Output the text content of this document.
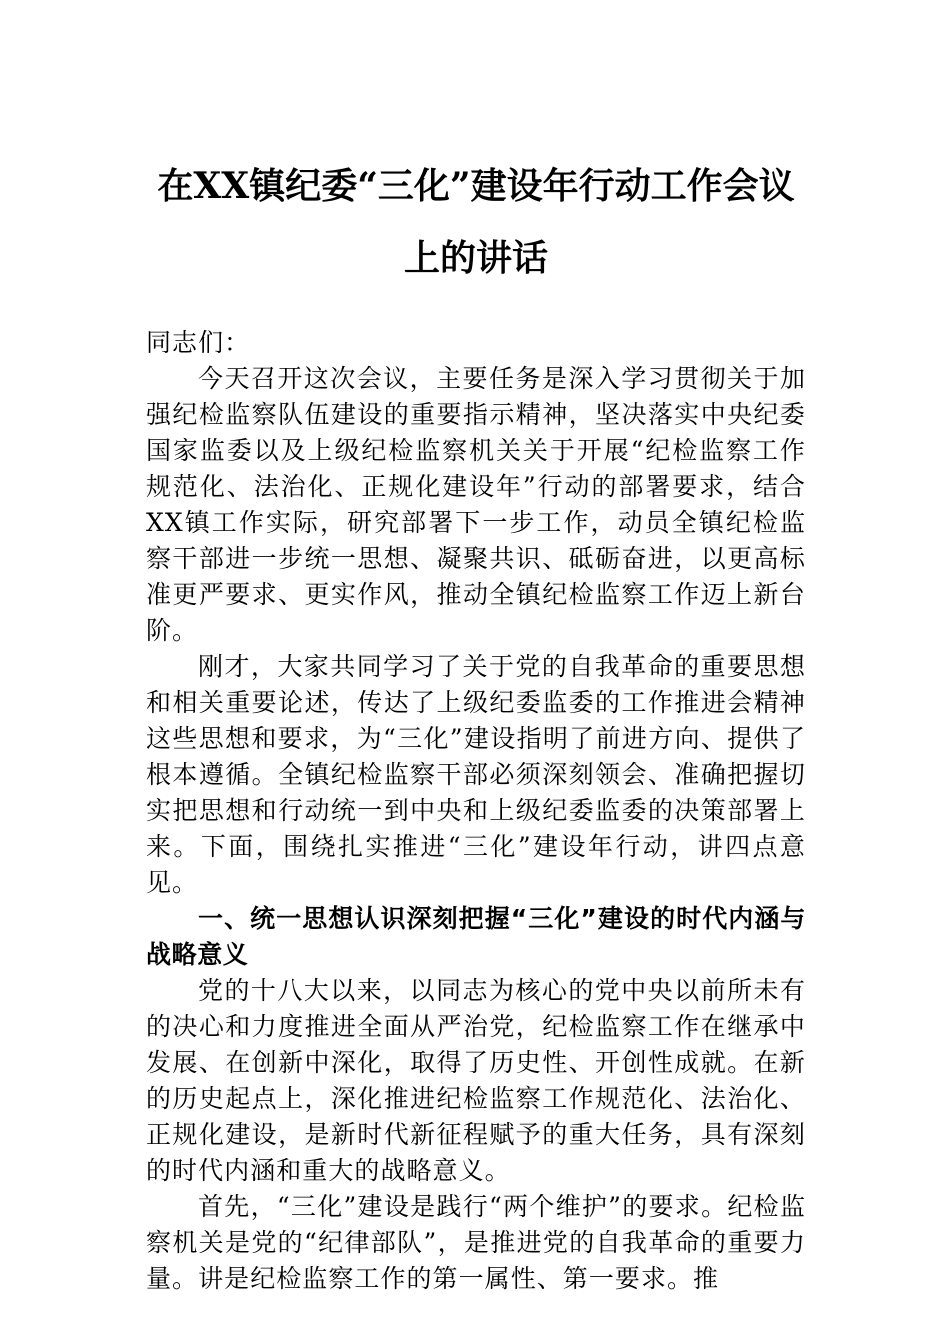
在XX镇纪委“三化”建设年行动工作会议
上的讲话

同志们：

今天召开这次会议，主要任务是深入学习贯彻关于加强纪检监察队伍建设的重要指示精神，坚决落实中央纪委国家监委以及上级纪检监察机关关于开展“纪检监察工作规范化、法治化、正规化建设年”行动的部署要求，结合XX镇工作实际，研究部署下一步工作，动员全镇纪检监察干部进一步统一思想、凝聚共识、砥砺奋进，以更高标准更严要求、更实作风，推动全镇纪检监察工作迈上新台阶。

刚才，大家共同学习了关于党的自我革命的重要思想和相关重要论述，传达了上级纪委监委的工作推进会精神这些思想和要求，为“三化”建设指明了前进方向、提供了根本遵循。全镇纪检监察干部必须深刻领会、准确把握切实把思想和行动统一到中央和上级纪委监委的决策部署上来。下面，围绕扎实推进“三化”建设年行动，讲四点意见。

一、统一思想认识深刻把握“三化”建设的时代内涵与战略意义

党的十八大以来，以同志为核心的党中央以前所未有的决心和力度推进全面从严治党，纪检监察工作在继承中发展、在创新中深化，取得了历史性、开创性成就。在新的历史起点上，深化推进纪检监察工作规范化、法治化、正规化建设，是新时代新征程赋予的重大任务，具有深刻的时代内涵和重大的战略意义。

首先，“三化”建设是践行“两个维护”的要求。纪检监察机关是党的“纪律部队”，是推进党的自我革命的重要力量。讲是纪检监察工作的第一属性、第一要求。推
